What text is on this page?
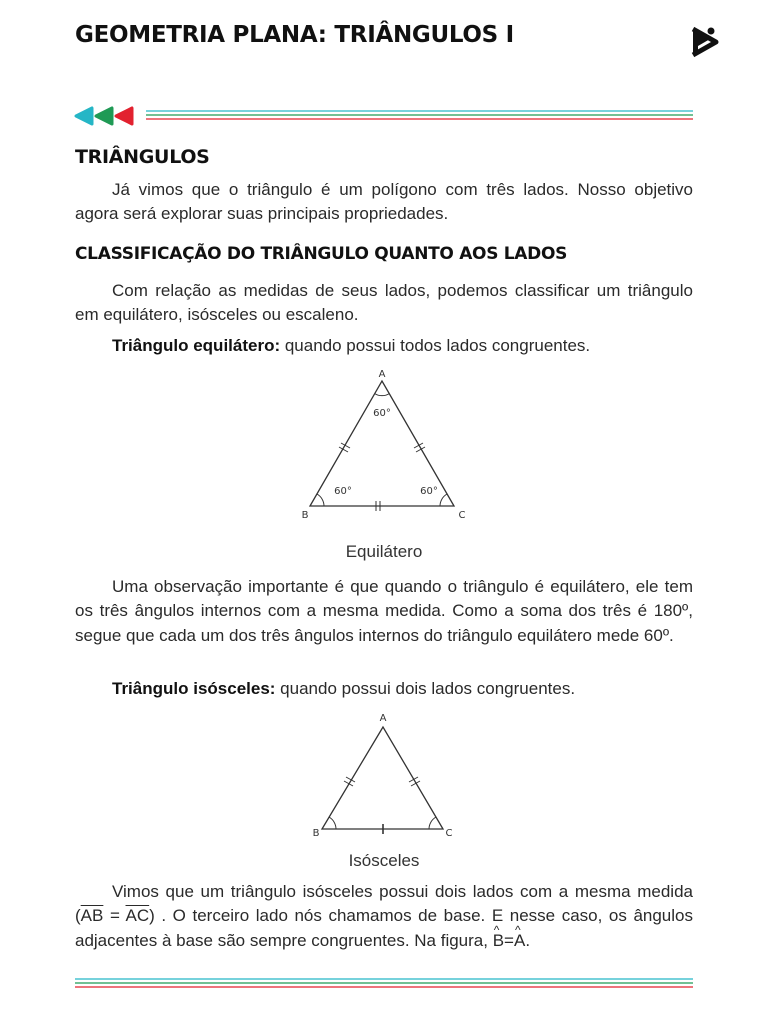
GEOMETRIA PLANA: TRIÂNGULOS I
TRIÂNGULOS

Já vimos que o triângulo é um polígono com três lados. Nosso objetivo agora será explorar suas principais propriedades.

CLASSIFICAÇÃO DO TRIÂNGULO QUANTO AOS LADOS

Com relação as medidas de seus lados, podemos classificar um triângulo em equilátero, isósceles ou escaleno.

Triângulo equilátero: quando possui todos lados congruentes.

A
B	C
60°
60°	60°

Equilátero

Uma observação importante é que quando o triângulo é equilátero, ele tem os três ângulos internos com a mesma medida. Como a soma dos três é 180º, segue que cada um dos três ângulos internos do triângulo equilátero mede 60º.

Triângulo isósceles: quando possui dois lados congruentes.

A
B	C

Isósceles

Vimos que um triângulo isósceles possui dois lados com a mesma medida $(\overline{AB} = \overline{AC})$ . O terceiro lado nós chamamos de base. E nesse caso, os ângulos adjacentes à base são sempre congruentes. Na figura, ^ B=^ A.
